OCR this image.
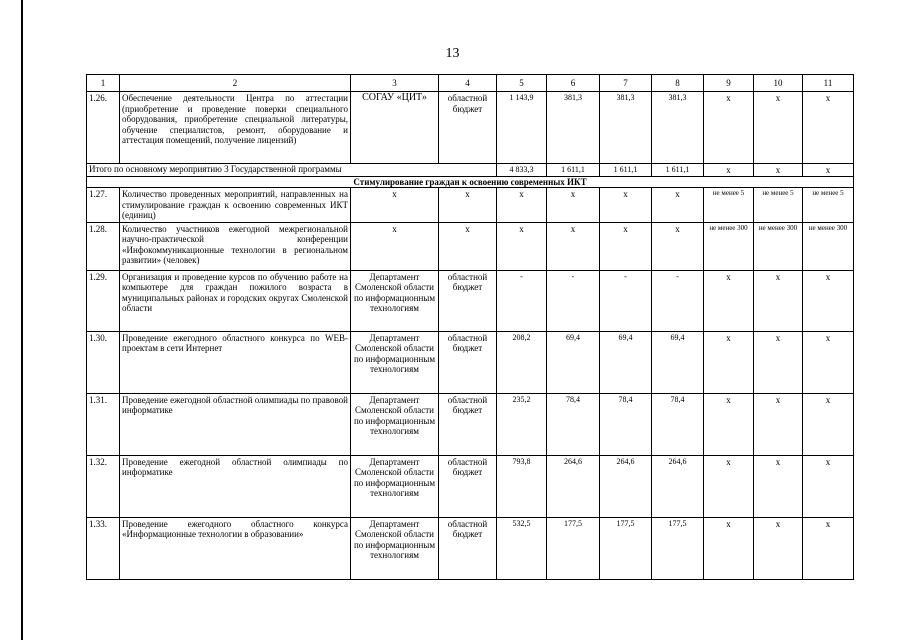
13
1	2	3	4	5	6	7	8	9	10	11
1.26.	Обеспечение деятельности Центра по аттестации (приобретение и проведение поверки специального оборудования, приобретение специальной литературы, обучение специалистов, ремонт, оборудование и аттестация помещений, получение лицензий)	СОГАУ «ЦИТ»	областной бюджет	1 143,9	381,3	381,3	381,3	х	х	х
Итого по основному мероприятию 3 Государственной программы				4 833,3	1 611,1	1 611,1	1 611,1	х	х	х
Стимулирование граждан к освоению современных ИКТ										
1.27.	Количество проведенных мероприятий, направленных на стимулирование граждан к освоению современных ИКТ (единиц)	х	х	х	х	х	х	не менее 5	не менее 5	не менее 5
1.28.	Количество участников ежегодной межрегиональной научно-практической конференции «Инфокоммуникационные технологии в региональном развитии» (человек)	х	х	х	х	х	х	не менее 300	не менее 300	не менее 300
1.29.	Организация и проведение курсов по обучению работе на компьютере для граждан пожилого возраста в муниципальных районах и городских округах Смоленской области	Департамент Смоленской области по информационным технологиям	областной бюджет	-	-	-	-	х	х	х
1.30.	Проведение ежегодного областного конкурса по WEB-проектам в сети Интернет	Департамент Смоленской области по информационным технологиям	областной бюджет	208,2	69,4	69,4	69,4	х	х	х
1.31.	Проведение ежегодной областной олимпиады по правовой информатике	Департамент Смоленской области по информационным технологиям	областной бюджет	235,2	78,4	78,4	78,4	х	х	х
1.32.	Проведение ежегодной областной олимпиады по информатике	Департамент Смоленской области по информационным технологиям	областной бюджет	793,8	264,6	264,6	264,6	х	х	х
1.33.	Проведение ежегодного областного конкурса «Информационные технологии в образовании»	Департамент Смоленской области по информационным технологиям	областной бюджет	532,5	177,5	177,5	177,5	х	х	х
